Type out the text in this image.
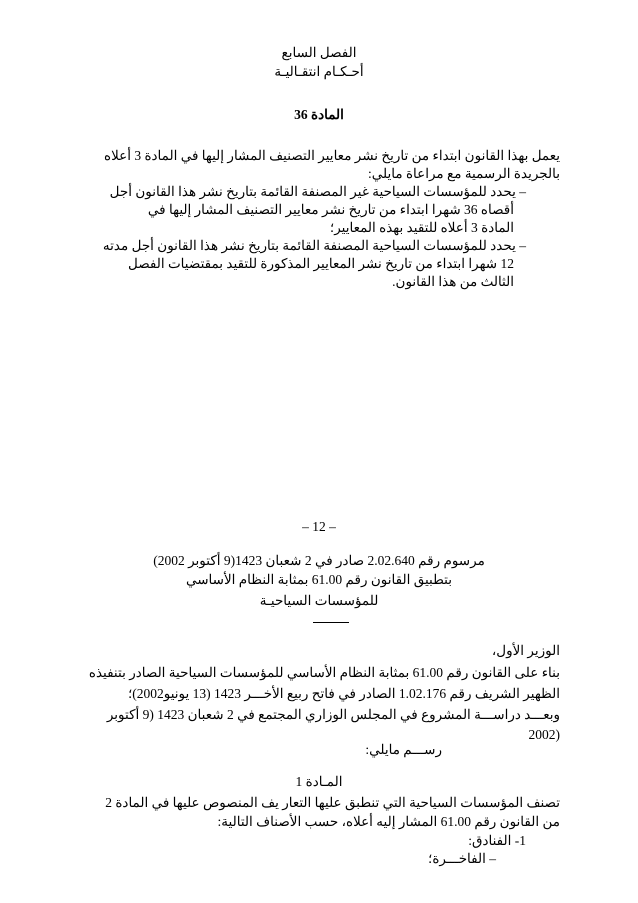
الفصل السابع
أحـكـام انتقـاليـة
المادة 36
يعمل بهذا القانون ابتداء من تاريخ نشر معايير التصنيف المشار إليها في المادة 3 أعلاه
بالجريدة الرسمية مع مراعاة مايلي:
– يحدد للمؤسسات السياحية غير المصنفة القائمة بتاريخ نشر هذا القانون أجل
أقصاه 36 شهرا ابتداء من تاريخ نشر معايير التصنيف المشار إليها في
المادة 3 أعلاه للتقيد بهذه المعايير؛
– يحدد للمؤسسات السياحية المصنفة القائمة بتاريخ نشر هذا القانون أجل مدته
12 شهرا ابتداء من تاريخ نشر المعايير المذكورة للتقيد بمقتضيات الفصل
الثالث من هذا القانون.
– 12 –
مرسوم رقم 2.02.640 صادر في 2 شعبان 1423(9 أكتوبر 2002)
بتطبيق القانون رقم 61.00 بمثابة النظام الأساسي
للمؤسسات السياحيـة
الوزير الأول،
بناء على القانون رقم 61.00 بمثابة النظام الأساسي للمؤسسات السياحية الصادر بتنفيذه
الظهير الشريف رقم 1.02.176 الصادر في فاتح ربيع الأخـــر 1423 (13 يونيو2002)؛
وبعـــد دراســـة المشروع في المجلس الوزاري المجتمع في 2 شعبان 1423 (9 أكتوبر
2002)
رســـم مايلي:
المـادة 1
تصنف المؤسسات السياحية التي تنطبق عليها التعار يف المنصوص عليها في المادة 2
من القانون رقم 61.00 المشار إليه أعلاه، حسب الأصناف التالية:
1- الفنادق:
– الفاخـــرة؛
